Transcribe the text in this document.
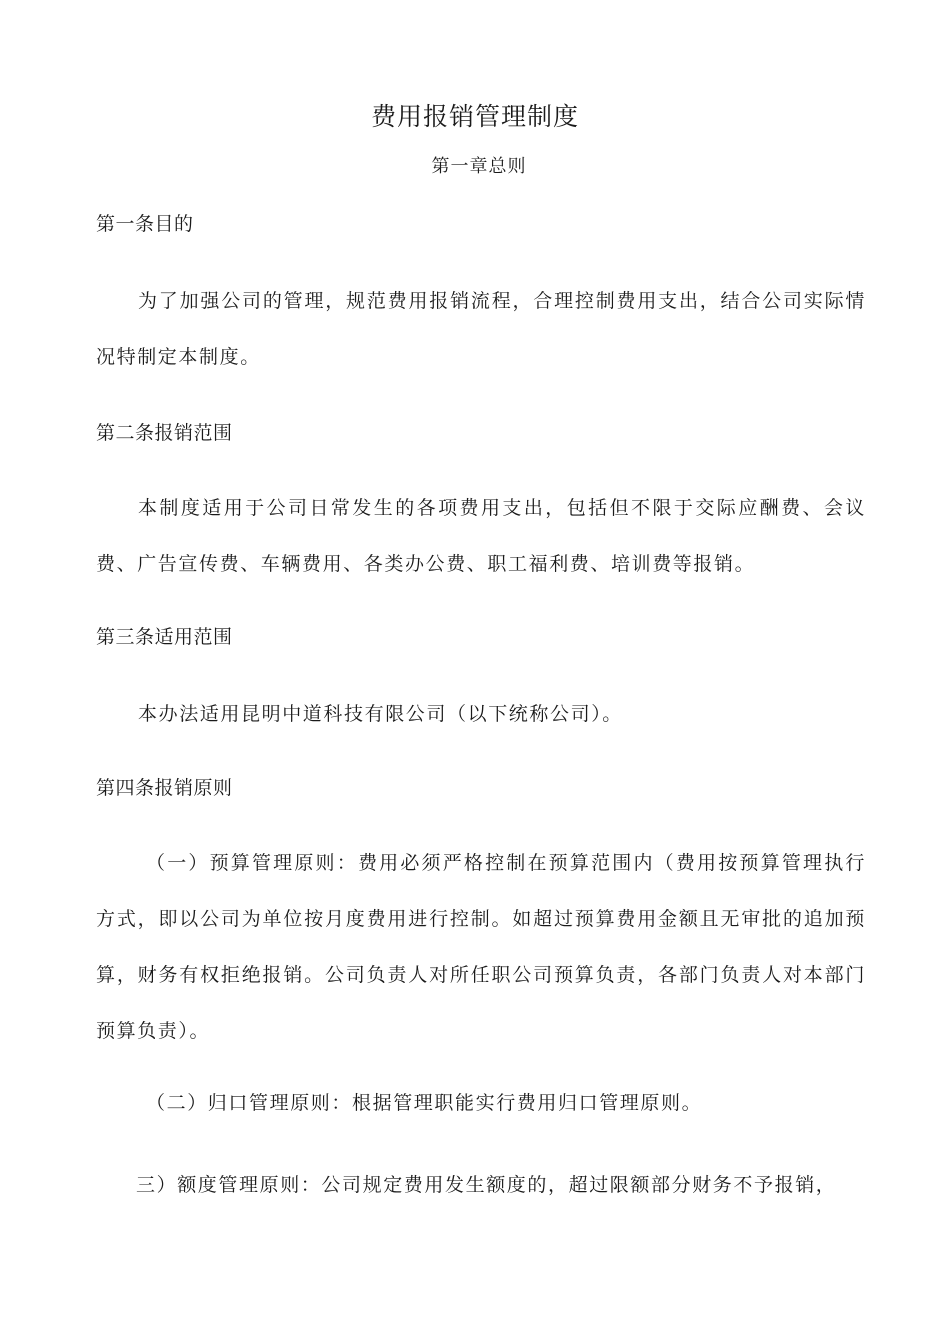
费用报销管理制度
第一章总则
第一条目的
为了加强公司的管理，规范费用报销流程，合理控制费用支出，结合公司实际情况特制定本制度。
第二条报销范围
本制度适用于公司日常发生的各项费用支出，包括但不限于交际应酬费、会议费、广告宣传费、车辆费用、各类办公费、职工福利费、培训费等报销。
第三条适用范围
本办法适用昆明中道科技有限公司（以下统称公司）。
第四条报销原则
（一）预算管理原则：费用必须严格控制在预算范围内（费用按预算管理执行方式，即以公司为单位按月度费用进行控制。如超过预算费用金额且无审批的追加预算，财务有权拒绝报销。公司负责人对所任职公司预算负责，各部门负责人对本部门预算负责）。
（二）归口管理原则：根据管理职能实行费用归口管理原则。
三）额度管理原则：公司规定费用发生额度的，超过限额部分财务不予报销，
